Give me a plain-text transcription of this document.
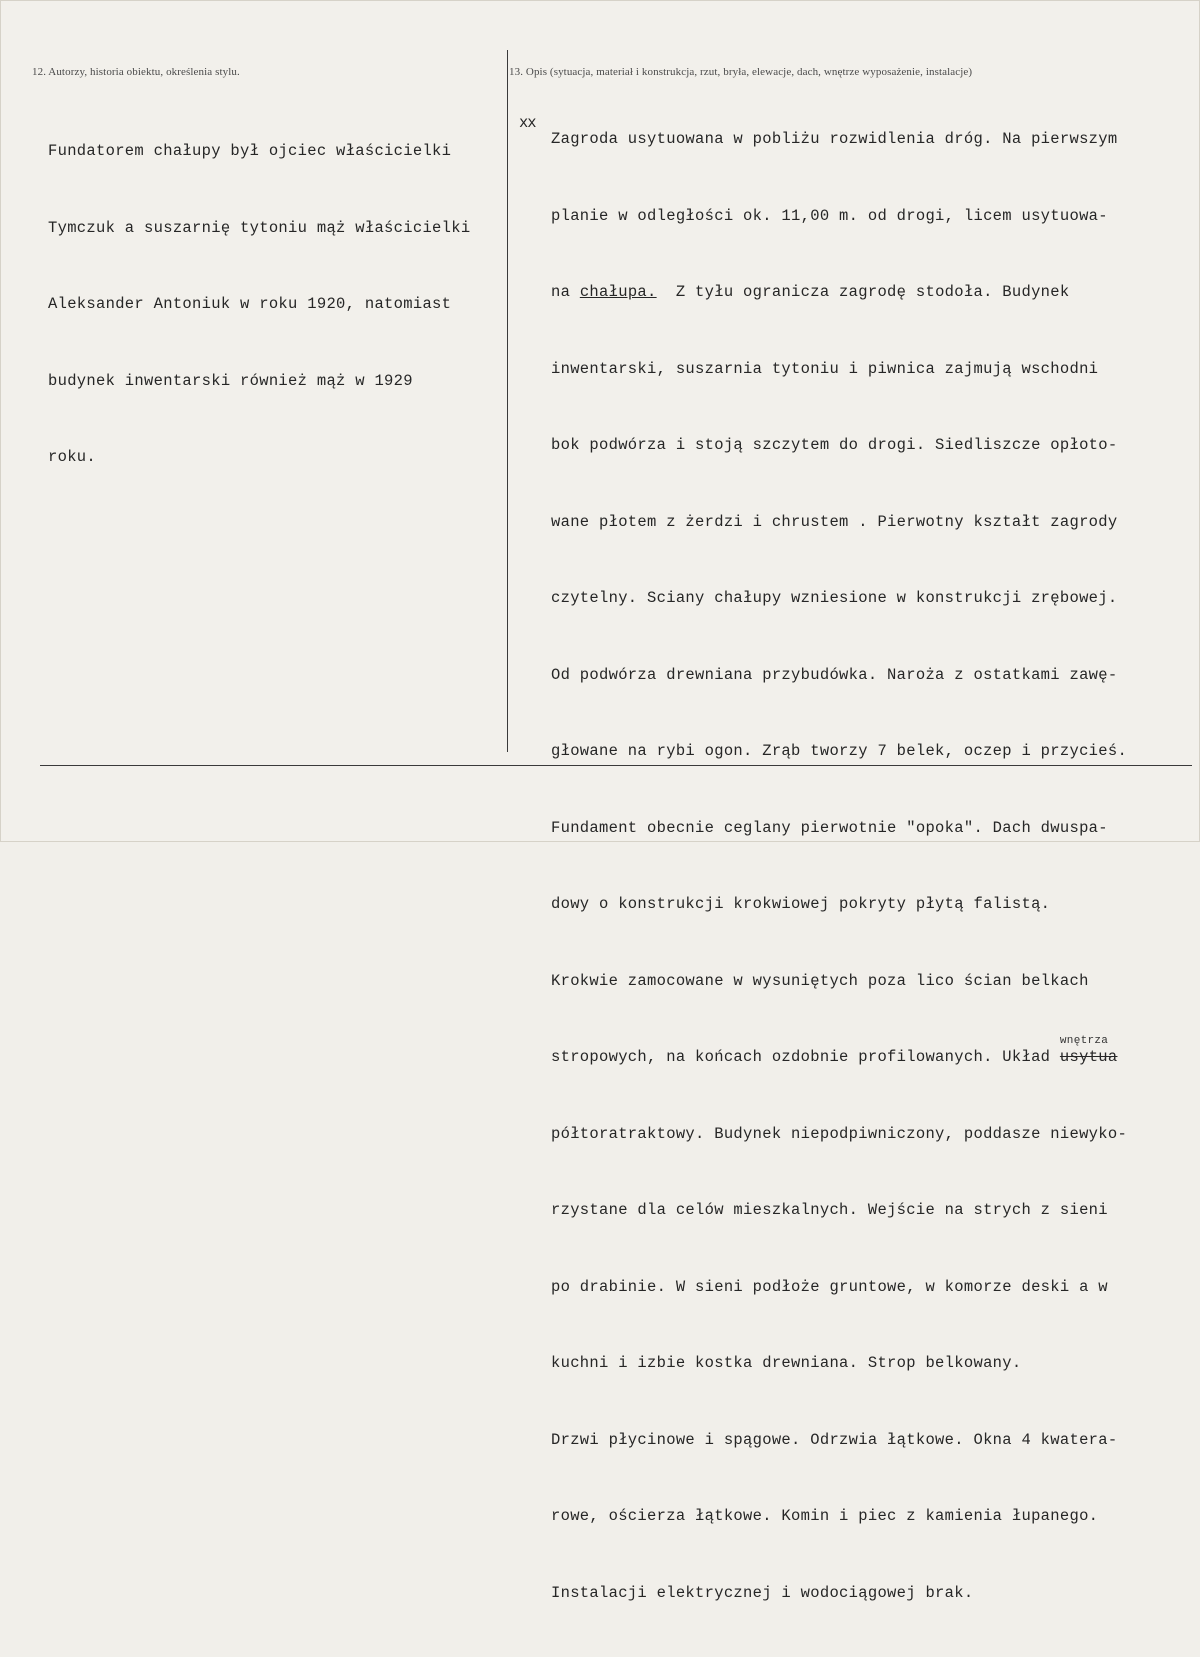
12. Autorzy, historia obiektu, określenia stylu.	13. Opis (sytuacja, materiał i konstrukcja, rzut, bryła, elewacje, dach, wnętrze wyposażenie, instalacje)

Fundatorem chałupy był ojciec właścicielki

Tymczuk a suszarnię tytoniu mąż właścicielki

Aleksander Antoniuk w roku 1920, natomiast

budynek inwentarski również mąż w 1929

roku.

xx

Zagroda usytuowana w pobliżu rozwidlenia dróg. Na pierwszym

planie w odległości ok. 11,00 m. od drogi, licem usytuowa-

na chałupa.  Z tyłu ogranicza zagrodę stodoła. Budynek

inwentarski, suszarnia tytoniu i piwnica zajmują wschodni

bok podwórza i stoją szczytem do drogi. Siedliszcze opłoto-

wane płotem z żerdzi i chrustem . Pierwotny kształt zagrody

czytelny. Sciany chałupy wzniesione w konstrukcji zrębowej.

Od podwórza drewniana przybudówka. Naroża z ostatkami zawę-

głowane na rybi ogon. Zrąb tworzy 7 belek, oczep i przycieś.

Fundament obecnie ceglany pierwotnie "opoka". Dach dwuspa-

dowy o konstrukcji krokwiowej pokryty płytą falistą.

Krokwie zamocowane w wysuniętych poza lico ścian belkach

stropowych, na końcach ozdobnie profilowanych. Układ
wnętrza
usytua

półtoratraktowy. Budynek niepodpiwniczony, poddasze niewyko-

rzystane dla celów mieszkalnych. Wejście na strych z sieni

po drabinie. W sieni podłoże gruntowe, w komorze deski a w

kuchni i izbie kostka drewniana. Strop belkowany.

Drzwi płycinowe i spągowe. Odrzwia łątkowe. Okna 4 kwatera-

rowe, ościerza łątkowe. Komin i piec z kamienia łupanego.

Instalacji elektrycznej i wodociągowej brak.
